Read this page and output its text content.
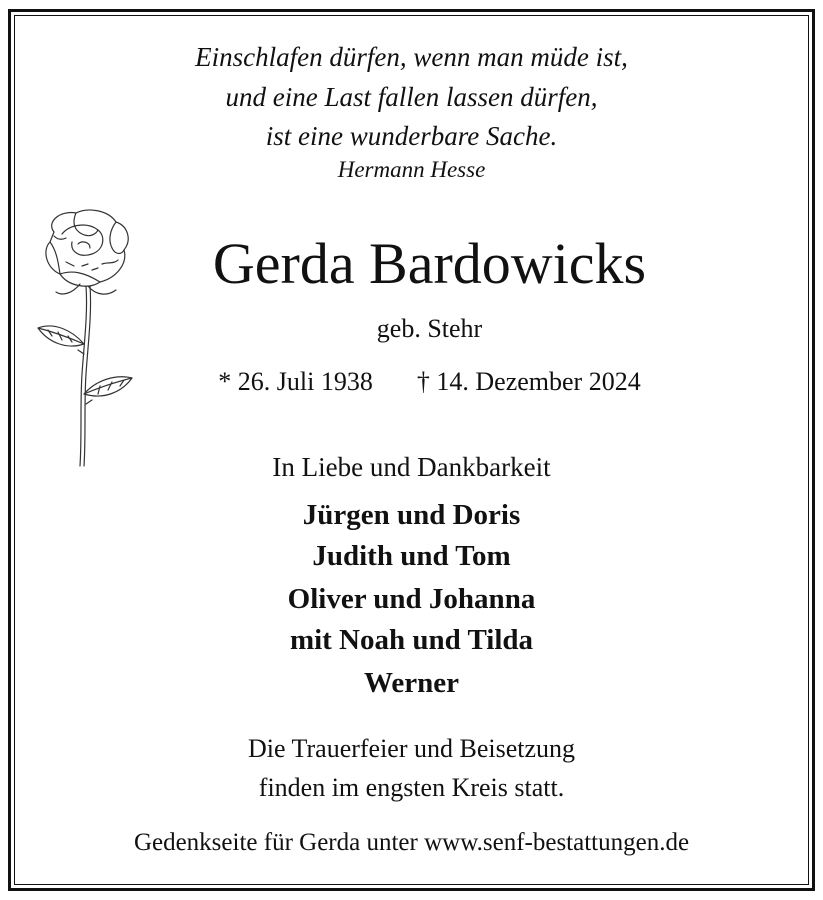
Einschlafen dürfen, wenn man müde ist,
und eine Last fallen lassen dürfen,
ist eine wunderbare Sache.
Hermann Hesse
Gerda Bardowicks
geb. Stehr
* 26. Juli 1938 † 14. Dezember 2024
In Liebe und Dankbarkeit
Jürgen und Doris
Judith und Tom
Oliver und Johanna
mit Noah und Tilda
Werner
Die Trauerfeier und Beisetzung
finden im engsten Kreis statt.
Gedenkseite für Gerda unter www.senf-bestattungen.de
